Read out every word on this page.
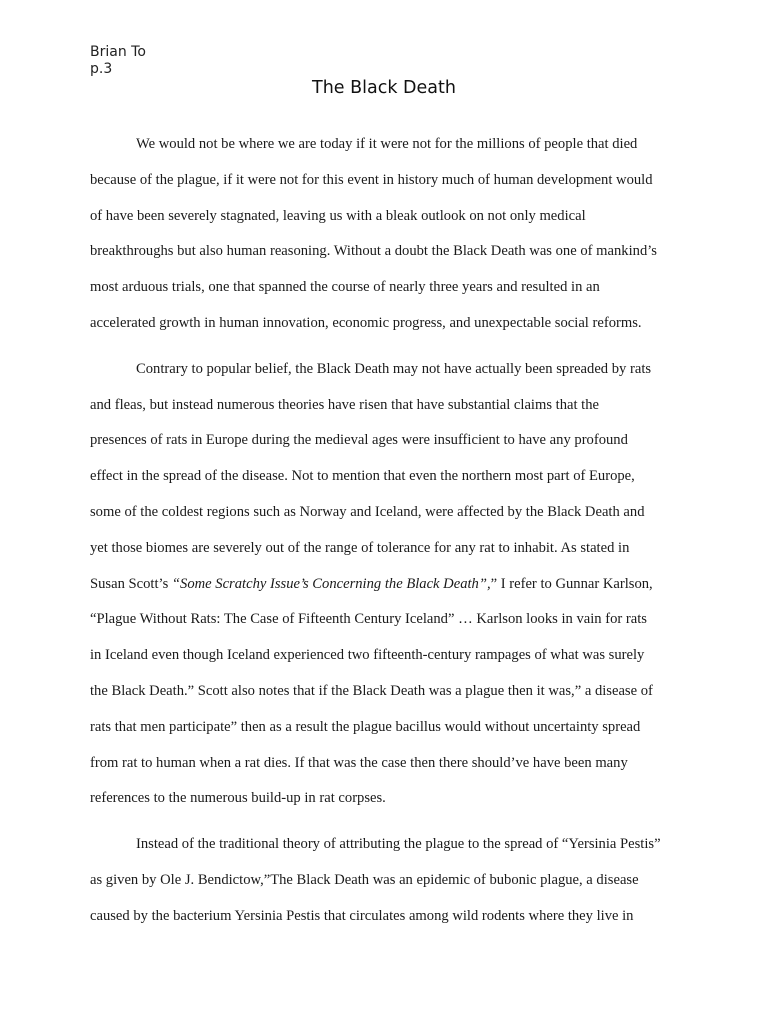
Brian To
p.3
The Black Death
We would not be where we are today if it were not for the millions of people that died
because of the plague, if it were not for this event in history much of human development would
of have been severely stagnated, leaving us with a bleak outlook on not only medical
breakthroughs but also human reasoning. Without a doubt the Black Death was one of mankind’s
most arduous trials, one that spanned the course of nearly three years and resulted in an
accelerated growth in human innovation, economic progress, and unexpectable social reforms.
Contrary to popular belief, the Black Death may not have actually been spreaded by rats
and fleas, but instead numerous theories have risen that have substantial claims that the
presences of rats in Europe during the medieval ages were insufficient to have any profound
effect in the spread of the disease. Not to mention that even the northern most part of Europe,
some of the coldest regions such as Norway and Iceland, were affected by the Black Death and
yet those biomes are severely out of the range of tolerance for any rat to inhabit. As stated in
Susan Scott’s “Some Scratchy Issue’s Concerning the Black Death”,” I refer to Gunnar Karlson,
“Plague Without Rats: The Case of Fifteenth Century Iceland” … Karlson looks in vain for rats
in Iceland even though Iceland experienced two fifteenth-century rampages of what was surely
the Black Death.” Scott also notes that if the Black Death was a plague then it was,” a disease of
rats that men participate” then as a result the plague bacillus would without uncertainty spread
from rat to human when a rat dies. If that was the case then there should’ve have been many
references to the numerous build-up in rat corpses.
Instead of the traditional theory of attributing the plague to the spread of “Yersinia Pestis”
as given by Ole J. Bendictow,”The Black Death was an epidemic of bubonic plague, a disease
caused by the bacterium Yersinia Pestis that circulates among wild rodents where they live in
